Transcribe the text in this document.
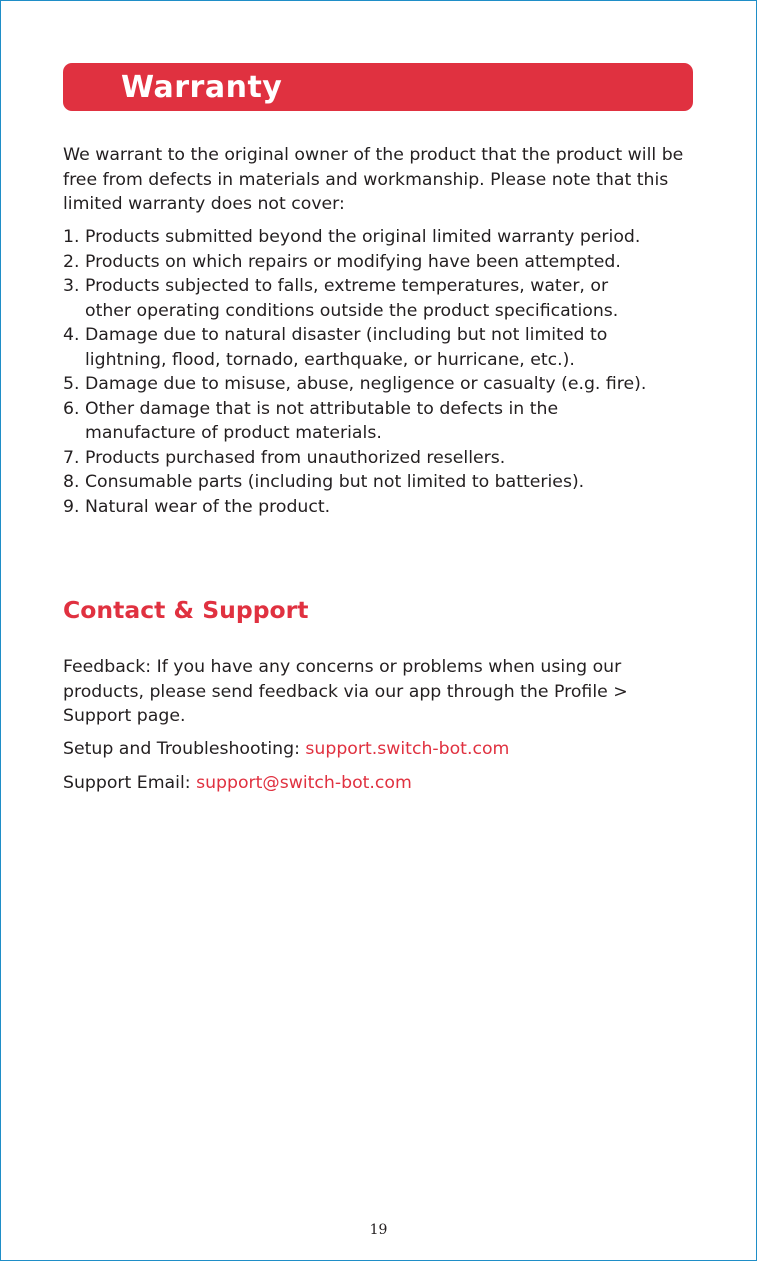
Warranty

We warrant to the original owner of the product that the product will be free from defects in materials and workmanship. Please note that this limited warranty does not cover:

1. Products submitted beyond the original limited warranty period.
2. Products on which repairs or modifying have been attempted.
3. Products subjected to falls, extreme temperatures, water, or
other operating conditions outside the product specifications.
4. Damage due to natural disaster (including but not limited to
lightning, flood, tornado, earthquake, or hurricane, etc.).
5. Damage due to misuse, abuse, negligence or casualty (e.g. fire).
6. Other damage that is not attributable to defects in the
manufacture of product materials.
7. Products purchased from unauthorized resellers.
8. Consumable parts (including but not limited to batteries).
9. Natural wear of the product.
Contact & Support

Feedback: If you have any concerns or problems when using our products, please send feedback via our app through the Profile > Support page.

Setup and Troubleshooting: support.switch-bot.com

Support Email: support@switch-bot.com

19
